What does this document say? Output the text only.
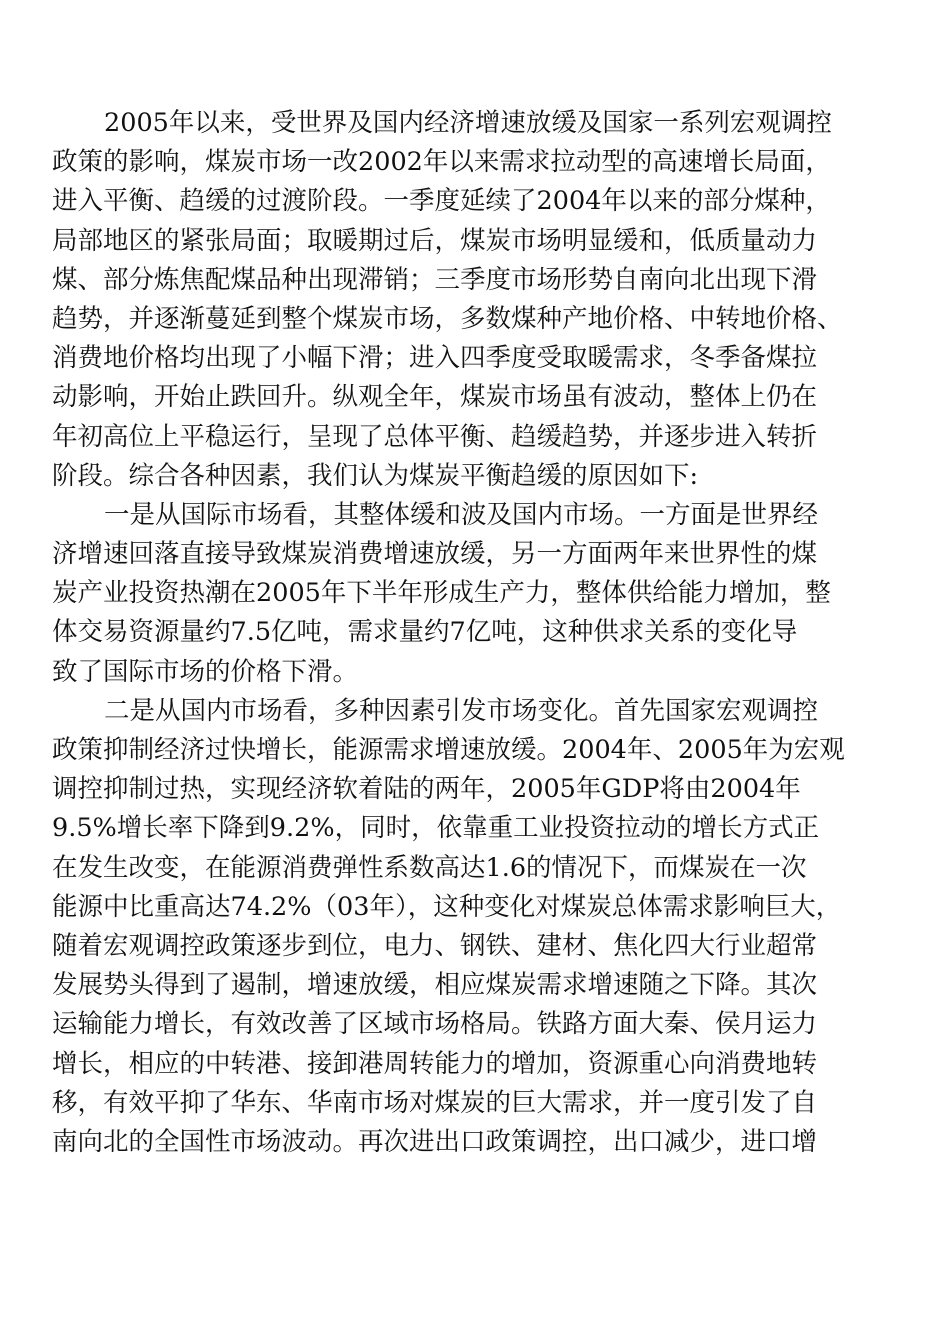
2005年以来，受世界及国内经济增速放缓及国家一系列宏观调控
政策的影响，煤炭市场一改2002年以来需求拉动型的高速增长局面，
进入平衡、趋缓的过渡阶段。一季度延续了2004年以来的部分煤种，
局部地区的紧张局面；取暖期过后，煤炭市场明显缓和，低质量动力
煤、部分炼焦配煤品种出现滞销；三季度市场形势自南向北出现下滑
趋势，并逐渐蔓延到整个煤炭市场，多数煤种产地价格、中转地价格、
消费地价格均出现了小幅下滑；进入四季度受取暖需求，冬季备煤拉
动影响，开始止跌回升。纵观全年，煤炭市场虽有波动，整体上仍在
年初高位上平稳运行，呈现了总体平衡、趋缓趋势，并逐步进入转折
阶段。综合各种因素，我们认为煤炭平衡趋缓的原因如下:
一是从国际市场看，其整体缓和波及国内市场。一方面是世界经
济增速回落直接导致煤炭消费增速放缓，另一方面两年来世界性的煤
炭产业投资热潮在2005年下半年形成生产力，整体供给能力增加，整
体交易资源量约7.5亿吨，需求量约7亿吨，这种供求关系的变化导
致了国际市场的价格下滑。
二是从国内市场看，多种因素引发市场变化。首先国家宏观调控
政策抑制经济过快增长，能源需求增速放缓。2004年、2005年为宏观
调控抑制过热，实现经济软着陆的两年，2005年GDP将由2004年
9.5%增长率下降到9.2%，同时，依靠重工业投资拉动的增长方式正
在发生改变，在能源消费弹性系数高达1.6的情况下，而煤炭在一次
能源中比重高达74.2%（03年），这种变化对煤炭总体需求影响巨大，
随着宏观调控政策逐步到位，电力、钢铁、建材、焦化四大行业超常
发展势头得到了遏制，增速放缓，相应煤炭需求增速随之下降。其次
运输能力增长，有效改善了区域市场格局。铁路方面大秦、侯月运力
增长，相应的中转港、接卸港周转能力的增加，资源重心向消费地转
移，有效平抑了华东、华南市场对煤炭的巨大需求，并一度引发了自
南向北的全国性市场波动。再次进出口政策调控，出口减少，进口增
